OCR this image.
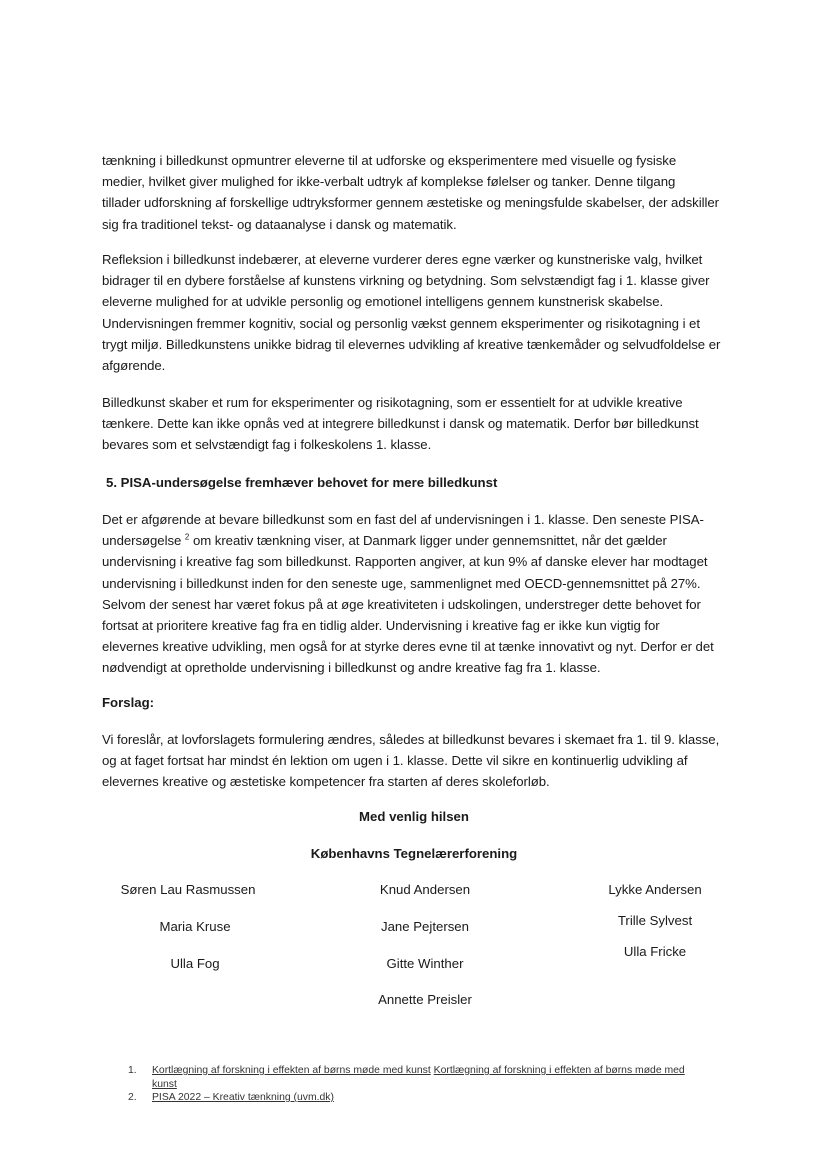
tænkning i billedkunst opmuntrer eleverne til at udforske og eksperimentere med visuelle og fysiske
medier, hvilket giver mulighed for ikke-verbalt udtryk af komplekse følelser og tanker. Denne tilgang
tillader udforskning af forskellige udtryksformer gennem æstetiske og meningsfulde skabelser, der adskiller
sig fra traditionel tekst- og dataanalyse i dansk og matematik.

Refleksion i billedkunst indebærer, at eleverne vurderer deres egne værker og kunstneriske valg, hvilket
bidrager til en dybere forståelse af kunstens virkning og betydning. Som selvstændigt fag i 1. klasse giver
eleverne mulighed for at udvikle personlig og emotionel intelligens gennem kunstnerisk skabelse.
Undervisningen fremmer kognitiv, social og personlig vækst gennem eksperimenter og risikotagning i et
trygt miljø. Billedkunstens unikke bidrag til elevernes udvikling af kreative tænkemåder og selvudfoldelse er
afgørende.

Billedkunst skaber et rum for eksperimenter og risikotagning, som er essentielt for at udvikle kreative
tænkere. Dette kan ikke opnås ved at integrere billedkunst i dansk og matematik. Derfor bør billedkunst
bevares som et selvstændigt fag i folkeskolens 1. klasse.

5. PISA-undersøgelse fremhæver behovet for mere billedkunst

Det er afgørende at bevare billedkunst som en fast del af undervisningen i 1. klasse. Den seneste PISA-
undersøgelse $^2$ om kreativ tænkning viser, at Danmark ligger under gennemsnittet, når det gælder
undervisning i kreative fag som billedkunst. Rapporten angiver, at kun 9% af danske elever har modtaget
undervisning i billedkunst inden for den seneste uge, sammenlignet med OECD-gennemsnittet på 27%.
Selvom der senest har været fokus på at øge kreativiteten i udskolingen, understreger dette behovet for
fortsat at prioritere kreative fag fra en tidlig alder. Undervisning i kreative fag er ikke kun vigtig for
elevernes kreative udvikling, men også for at styrke deres evne til at tænke innovativt og nyt. Derfor er det
nødvendigt at opretholde undervisning i billedkunst og andre kreative fag fra 1. klasse.

Forslag:

Vi foreslår, at lovforslagets formulering ændres, således at billedkunst bevares i skemaet fra 1. til 9. klasse,
og at faget fortsat har mindst én lektion om ugen i 1. klasse. Dette vil sikre en kontinuerlig udvikling af
elevernes kreative og æstetiske kompetencer fra starten af deres skoleforløb.

Med venlig hilsen
Københavns Tegnelærerforening
Søren Lau Rasmussen
Maria Kruse
Ulla Fog
Knud Andersen
Jane Pejtersen
Gitte Winther
Annette Preisler
Lykke Andersen
Trille Sylvest
Ulla Fricke
1. Kortlægning af forskning i effekten af børns møde med kunst Kortlægning af forskning i effekten af børns møde med
kunst
2. PISA 2022 – Kreativ tænkning (uvm.dk)
